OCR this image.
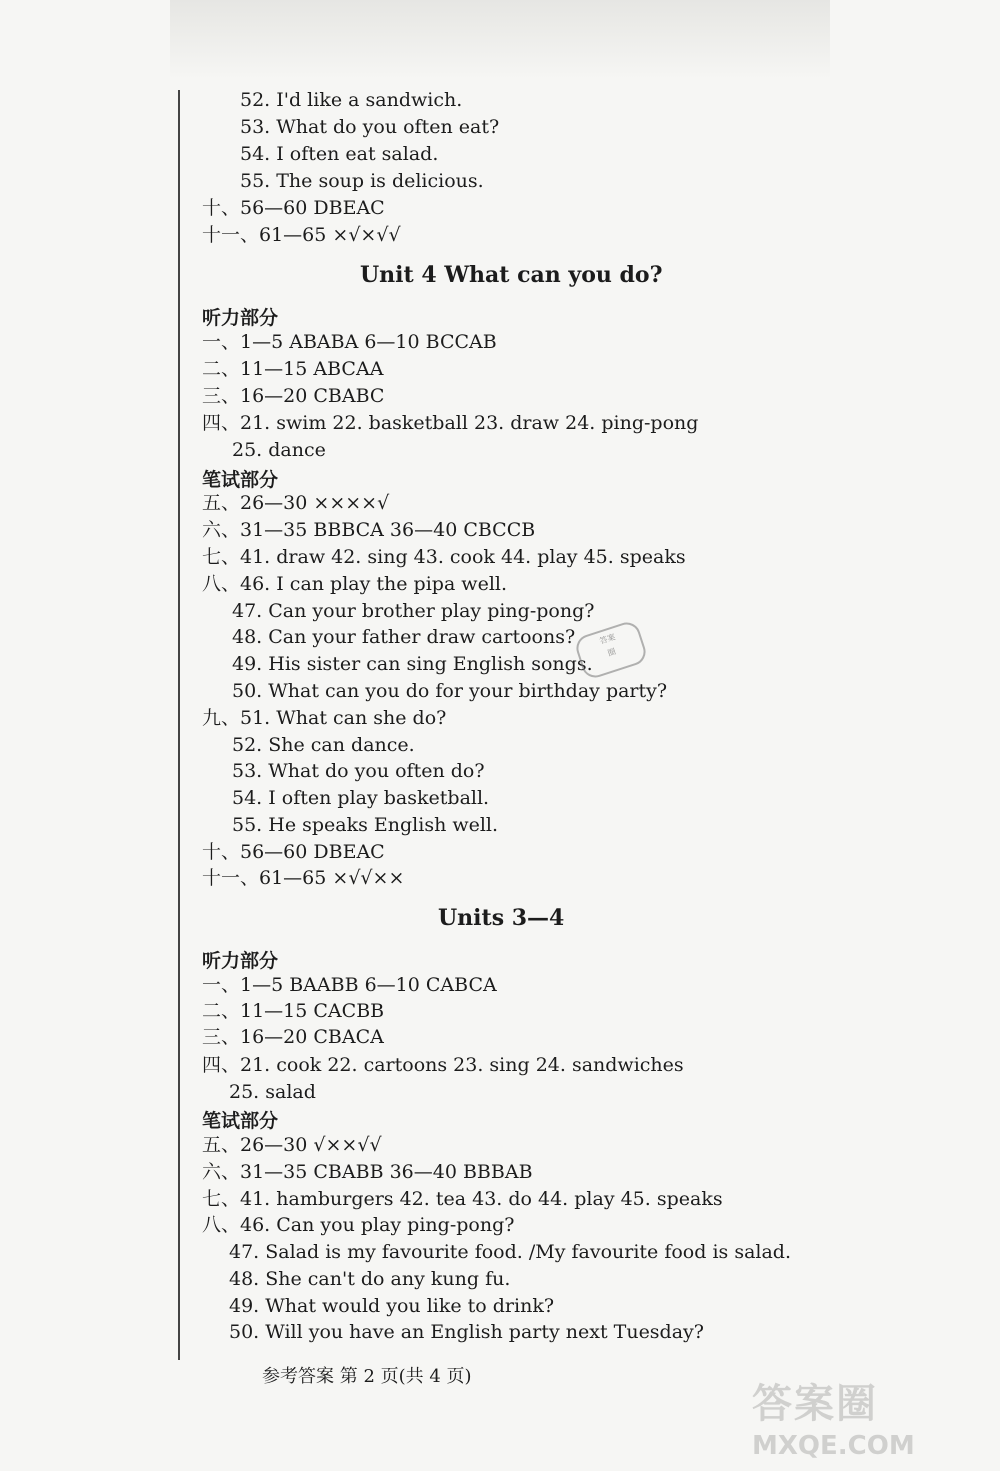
52. I'd like a sandwich.
53. What do you often eat?
54. I often eat salad.
55. The soup is delicious.
十、56—60 DBEAC
十一、61—65 ×√×√√
Unit 4 What can you do?
听力部分
一、1—5 ABABA 6—10 BCCAB
二、11—15 ABCAA
三、16—20 CBABC
四、21. swim 22. basketball 23. draw 24. ping-pong
25. dance
笔试部分
五、26—30 ××××√
六、31—35 BBBCA 36—40 CBCCB
七、41. draw 42. sing 43. cook 44. play 45. speaks
八、46. I can play the pipa well.
47. Can your brother play ping-pong?
48. Can your father draw cartoons?
49. His sister can sing English songs.
50. What can you do for your birthday party?
九、51. What can she do?
52. She can dance.
53. What do you often do?
54. I often play basketball.
55. He speaks English well.
十、56—60 DBEAC
十一、61—65 ×√√××
答案
圈
Units 3—4
听力部分
一、1—5 BAABB 6—10 CABCA
二、11—15 CACBB
三、16—20 CBACA
四、21. cook 22. cartoons 23. sing 24. sandwiches
25. salad
笔试部分
五、26—30 √××√√
六、31—35 CBABB 36—40 BBBAB
七、41. hamburgers 42. tea 43. do 44. play 45. speaks
八、46. Can you play ping-pong?
47. Salad is my favourite food. /My favourite food is salad.
48. She can't do any kung fu.
49. What would you like to drink?
50. Will you have an English party next Tuesday?
参考答案 第 2 页(共 4 页)
答案圈
MXQE.COM
